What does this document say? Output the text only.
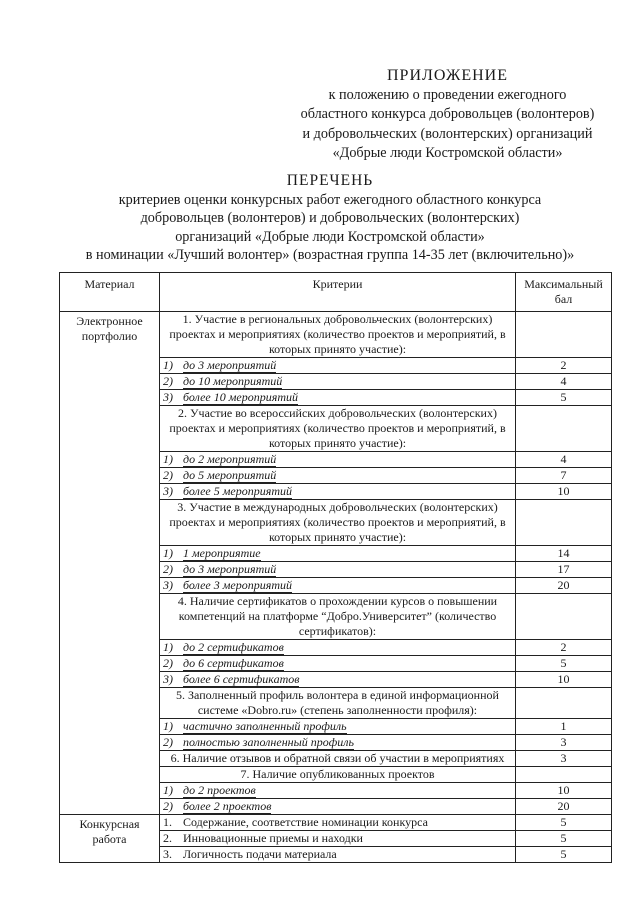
ПРИЛОЖЕНИЕ
к положению о проведении ежегодного
областного конкурса добровольцев (волонтеров)
и добровольческих (волонтерских) организаций
«Добрые люди Костромской области»
ПЕРЕЧЕНЬ
критериев оценки конкурсных работ ежегодного областного конкурса
добровольцев (волонтеров) и добровольческих (волонтерских)
организаций «Добрые люди Костромской области»
в номинации «Лучший волонтер» (возрастная группа 14-35 лет (включительно)»
Материал	Критерии	Максимальный бал
Электронное портфолио	1. Участие в региональных добровольческих (волонтерских) проектах и мероприятиях (количество проектов и мероприятий, в которых принято участие):	
	1) до 3 мероприятий	2
	2) до 10 мероприятий	4
	3) более 10 мероприятий	5
	2. Участие во всероссийских добровольческих (волонтерских) проектах и мероприятиях (количество проектов и мероприятий, в которых принято участие):	
	1) до 2 мероприятий	4
	2) до 5 мероприятий	7
	3) более 5 мероприятий	10
	3. Участие в международных добровольческих (волонтерских) проектах и мероприятиях (количество проектов и мероприятий, в которых принято участие):	
	1) 1 мероприятие	14
	2) до 3 мероприятий	17
	3) более 3 мероприятий	20
	4. Наличие сертификатов о прохождении курсов о повышении компетенций на платформе “Добро.Университет” (количество сертификатов):	
	1) до 2 сертификатов	2
	2) до 6 сертификатов	5
	3) более 6 сертификатов	10
	5. Заполненный профиль волонтера в единой информационной системе «Dobro.ru» (степень заполненности профиля):	
	1) частично заполненный профиль	1
	2) полностью заполненный профиль	3
	6. Наличие отзывов и обратной связи об участии в мероприятиях	3
	7. Наличие опубликованных проектов	
	1) до 2 проектов	10
	2) более 2 проектов	20
Конкурсная работа	1. Содержание, соответствие номинации конкурса	5
	2. Инновационные приемы и находки	5
	3. Логичность подачи материала	5
